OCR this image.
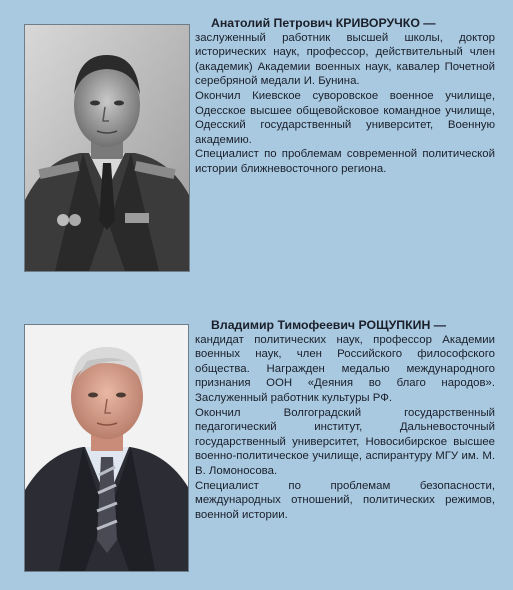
Анатолий Петрович КРИВОРУЧКО —

заслуженный работник высшей школы, доктор исторических наук, профессор, действительный член (академик) Академии военных наук, кавалер Почетной серебряной медали И. Бунина.

Окончил Киевское суворовское военное училище, Одесское высшее общевойсковое командное училище, Одесский государственный университет, Военную академию.

Специалист по проблемам современной политической истории ближневосточного региона.

Владимир Тимофеевич РОЩУПКИН —

кандидат политических наук, профессор Академии военных наук, член Российского философского общества. Награжден медалью международного признания ООН «Деяния во благо народов». Заслуженный работник культуры РФ.

Окончил Волгоградский государственный педагогический институт, Дальневосточный государственный университет, Новосибирское высшее военно-политическое училище, аспирантуру МГУ им. М. В. Ломоносова.

Специалист по проблемам безопасности, международных отношений, политических режимов, военной истории.
